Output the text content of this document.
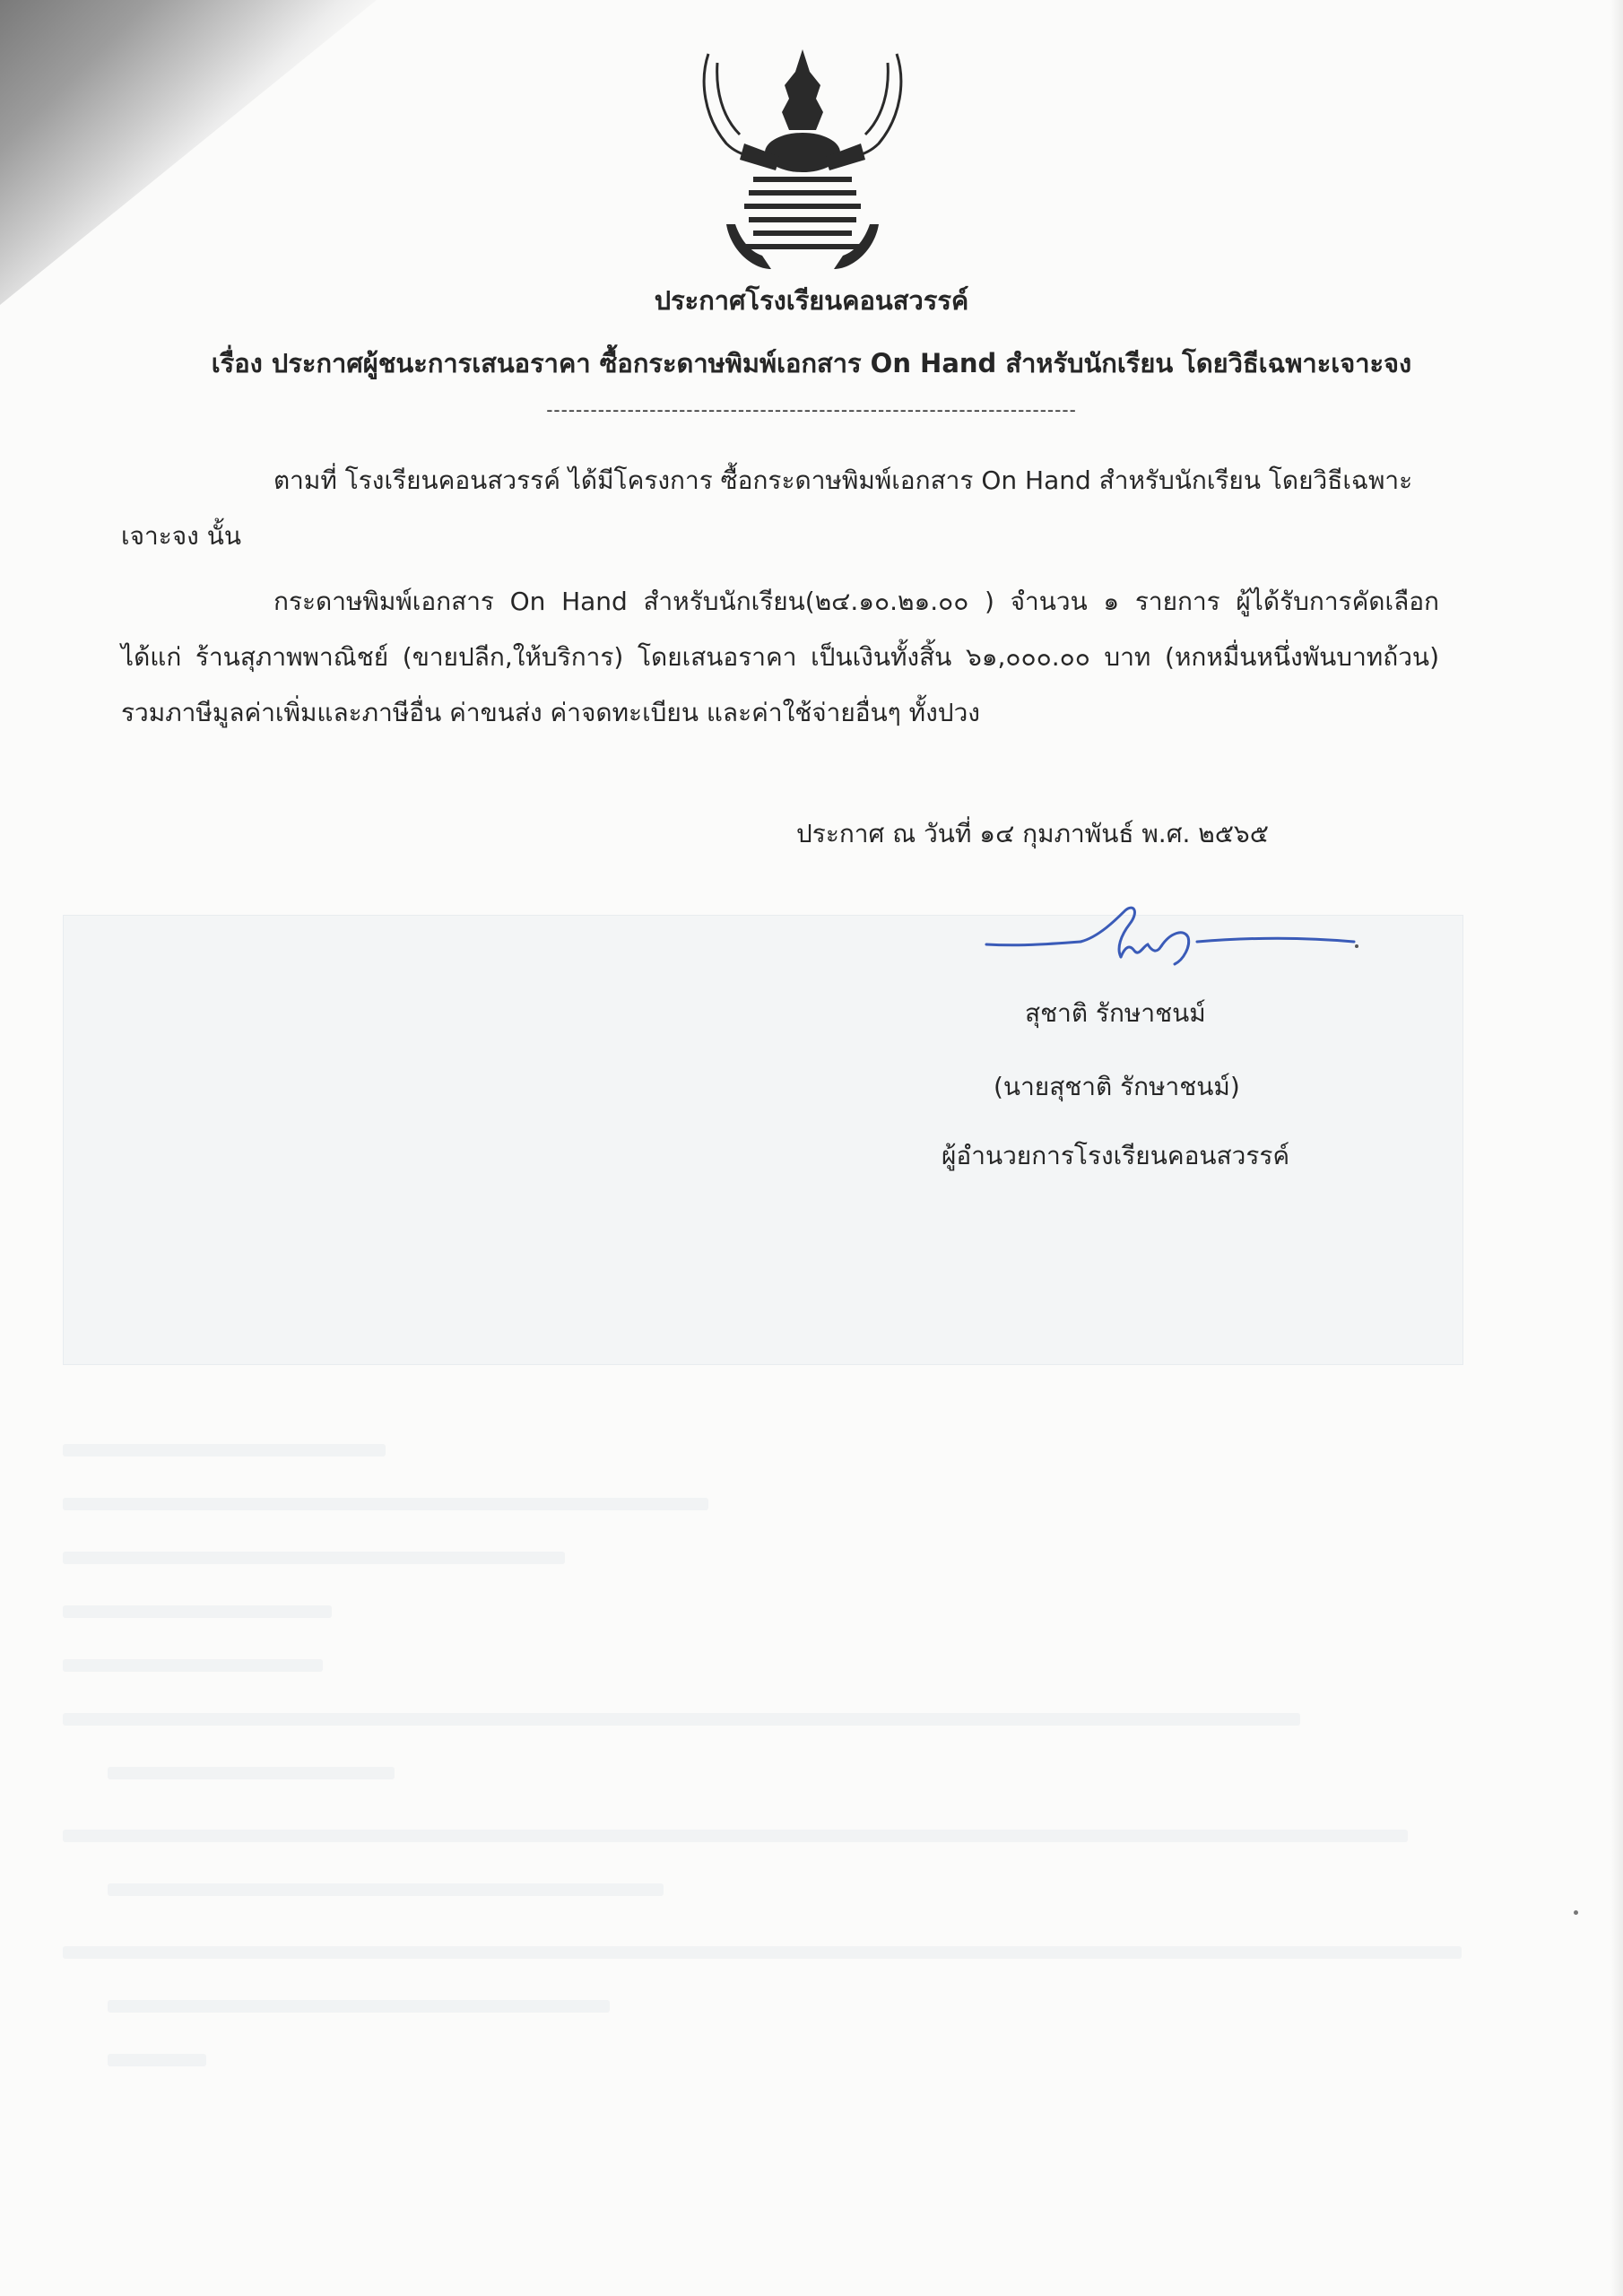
ประกาศโรงเรียนคอนสวรรค์
เรื่อง ประกาศผู้ชนะการเสนอราคา ซื้อกระดาษพิมพ์เอกสาร On Hand สำหรับนักเรียน โดยวิธีเฉพาะเจาะจง
------------------------------------------------------------------------
ตามที่ โรงเรียนคอนสวรรค์ ได้มีโครงการ ซื้อกระดาษพิมพ์เอกสาร On Hand สำหรับนักเรียน โดยวิธีเฉพาะเจาะจง นั้น
กระดาษพิมพ์เอกสาร On Hand สำหรับนักเรียน(๒๔.๑๐.๒๑.๐๐ ) จำนวน ๑ รายการ ผู้ได้รับการคัดเลือก ได้แก่ ร้านสุภาพพาณิชย์ (ขายปลีก,ให้บริการ) โดยเสนอราคา เป็นเงินทั้งสิ้น ๖๑,๐๐๐.๐๐ บาท (หกหมื่นหนึ่งพันบาทถ้วน) รวมภาษีมูลค่าเพิ่มและภาษีอื่น ค่าขนส่ง ค่าจดทะเบียน และค่าใช้จ่ายอื่นๆ ทั้งปวง
ประกาศ ณ วันที่ ๑๔ กุมภาพันธ์ พ.ศ. ๒๕๖๕
สุชาติ รักษาชนม์
(นายสุชาติ รักษาชนม์)
ผู้อำนวยการโรงเรียนคอนสวรรค์
